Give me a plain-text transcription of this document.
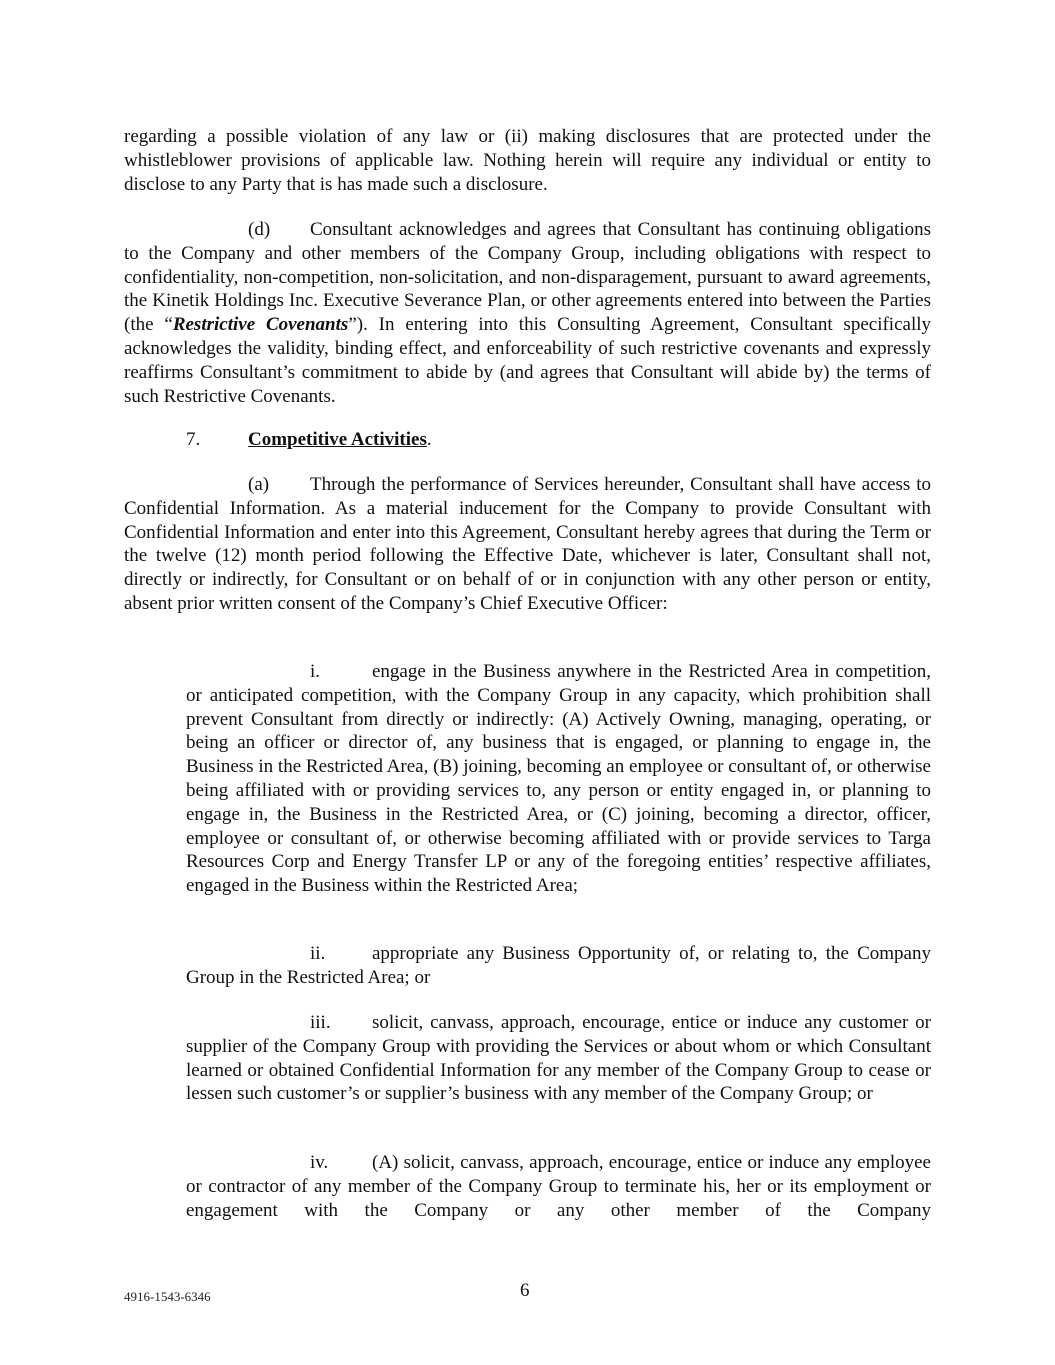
regarding a possible violation of any law or (ii) making disclosures that are protected under the whistleblower provisions of applicable law. Nothing herein will require any individual or entity to disclose to any Party that is has made such a disclosure.

(d) Consultant acknowledges and agrees that Consultant has continuing obligations to the Company and other members of the Company Group, including obligations with respect to confidentiality, non-competition, non-solicitation, and non-disparagement, pursuant to award agreements, the Kinetik Holdings Inc. Executive Severance Plan, or other agreements entered into between the Parties (the “Restrictive Covenants”). In entering into this Consulting Agreement, Consultant specifically acknowledges the validity, binding effect, and enforceability of such restrictive covenants and expressly reaffirms Consultant’s commitment to abide by (and agrees that Consultant will abide by) the terms of such Restrictive Covenants.

7.	Competitive Activities.

(a) Through the performance of Services hereunder, Consultant shall have access to Confidential Information. As a material inducement for the Company to provide Consultant with Confidential Information and enter into this Agreement, Consultant hereby agrees that during the Term or the twelve (12) month period following the Effective Date, whichever is later, Consultant shall not, directly or indirectly, for Consultant or on behalf of or in conjunction with any other person or entity, absent prior written consent of the Company’s Chief Executive Officer:

i.	engage in the Business anywhere in the Restricted Area in competition, or anticipated competition, with the Company Group in any capacity, which prohibition shall prevent Consultant from directly or indirectly: (A) Actively Owning, managing, operating, or being an officer or director of, any business that is engaged, or planning to engage in, the Business in the Restricted Area, (B) joining, becoming an employee or consultant of, or otherwise being affiliated with or providing services to, any person or entity engaged in, or planning to engage in, the Business in the Restricted Area, or (C) joining, becoming a director, officer, employee or consultant of, or otherwise becoming affiliated with or provide services to Targa Resources Corp and Energy Transfer LP or any of the foregoing entities’ respective affiliates, engaged in the Business within the Restricted Area;

ii. appropriate any Business Opportunity of, or relating to, the Company Group in the Restricted Area; or

iii. solicit, canvass, approach, encourage, entice or induce any customer or supplier of the Company Group with providing the Services or about whom or which Consultant learned or obtained Confidential Information for any member of the Company Group to cease or lessen such customer’s or supplier’s business with any member of the Company Group; or

iv. (A) solicit, canvass, approach, encourage, entice or induce any employee or contractor of any member of the Company Group to terminate his, her or its employment or engagement with the Company or any other member of the Company

4916-1543-6346	6
